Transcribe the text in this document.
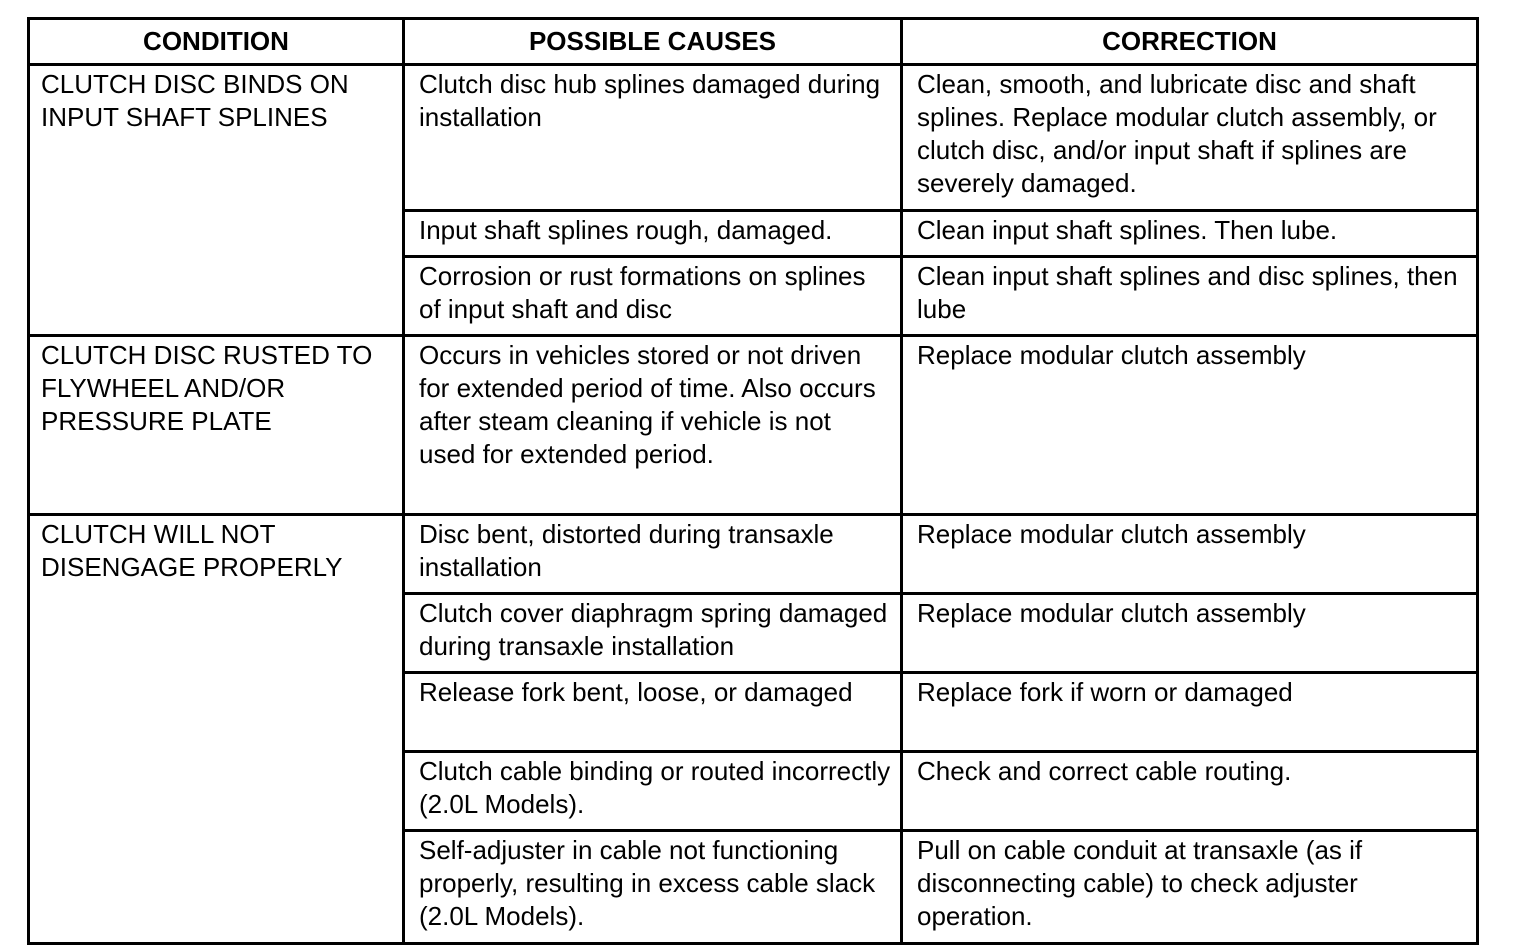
CONDITION	POSSIBLE CAUSES	CORRECTION
CLUTCH DISC BINDS ON INPUT SHAFT SPLINES	Clutch disc hub splines damaged during installation	Clean, smooth, and lubricate disc and shaft splines. Replace modular clutch assembly, or clutch disc, and/or input shaft if splines are severely damaged.
	Input shaft splines rough, damaged.	Clean input shaft splines. Then lube.
	Corrosion or rust formations on splines of input shaft and disc	Clean input shaft splines and disc splines, then lube
CLUTCH DISC RUSTED TO FLYWHEEL AND/OR PRESSURE PLATE	Occurs in vehicles stored or not driven for extended period of time. Also occurs after steam cleaning if vehicle is not used for extended period.	Replace modular clutch assembly
CLUTCH WILL NOT DISENGAGE PROPERLY	Disc bent, distorted during transaxle installation	Replace modular clutch assembly
	Clutch cover diaphragm spring damaged during transaxle installation	Replace modular clutch assembly
	Release fork bent, loose, or damaged	Replace fork if worn or damaged
	Clutch cable binding or routed incorrectly (2.0L Models).	Check and correct cable routing.
	Self-adjuster in cable not functioning properly, resulting in excess cable slack (2.0L Models).	Pull on cable conduit at transaxle (as if disconnecting cable) to check adjuster operation.
